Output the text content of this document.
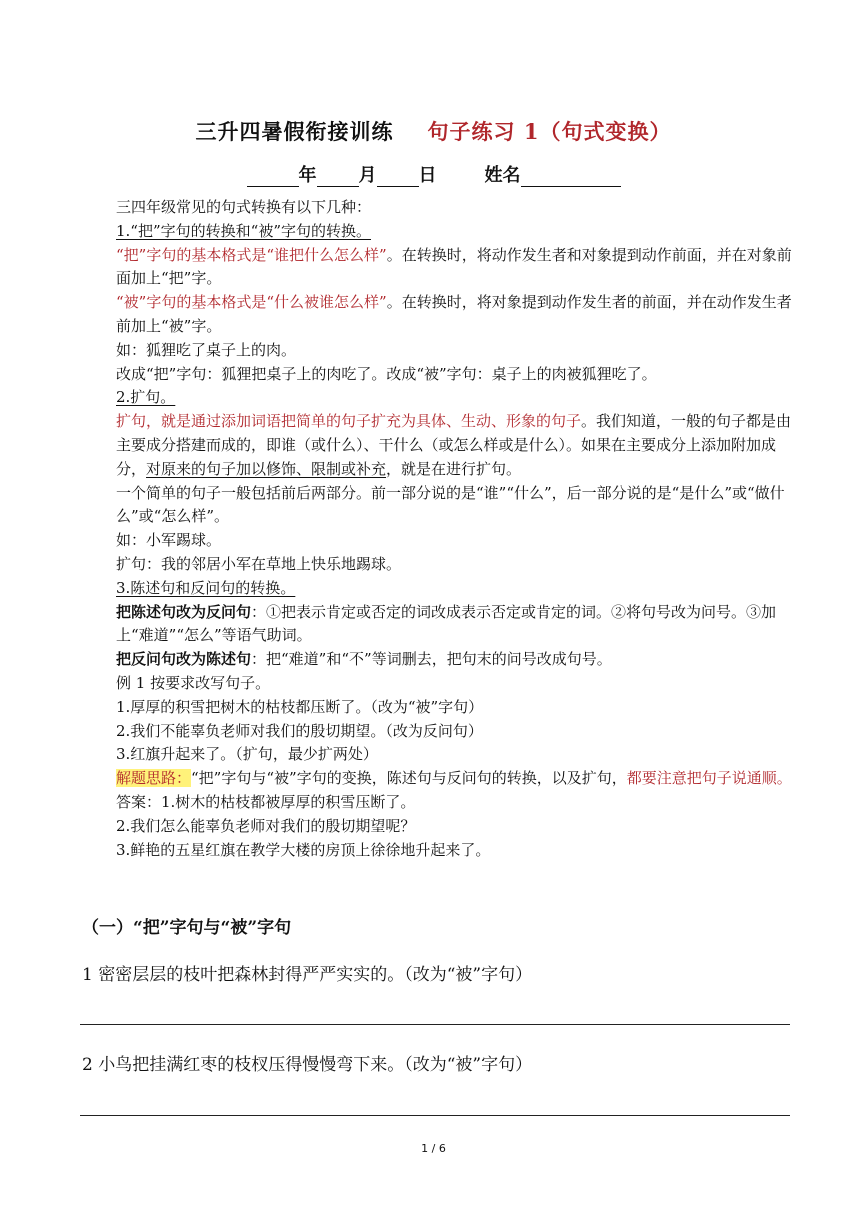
三升四暑假衔接训练 句子练习 1（句式变换）
年 月 日	姓名

三四年级常见的句式转换有以下几种：

1.“把”字句的转换和“被”字句的转换。

“把”字句的基本格式是“谁把什么怎么样”。在转换时，将动作发生者和对象提到动作前面，并在对象前面加上“把”字。

“被”字句的基本格式是“什么被谁怎么样”。在转换时，将对象提到动作发生者的前面，并在动作发生者前加上“被”字。

如：狐狸吃了桌子上的肉。

改成“把”字句：狐狸把桌子上的肉吃了。改成“被”字句：桌子上的肉被狐狸吃了。

2.扩句。

扩句，就是通过添加词语把简单的句子扩充为具体、生动、形象的句子。我们知道，一般的句子都是由主要成分搭建而成的，即谁（或什么）、干什么（或怎么样或是什么）。如果在主要成分上添加附加成分，对原来的句子加以修饰、限制或补充，就是在进行扩句。

一个简单的句子一般包括前后两部分。前一部分说的是“谁”“什么”，后一部分说的是“是什么”或“做什么”或“怎么样”。

如：小军踢球。

扩句：我的邻居小军在草地上快乐地踢球。

3.陈述句和反问句的转换。

把陈述句改为反问句：①把表示肯定或否定的词改成表示否定或肯定的词。②将句号改为问号。③加上“难道”“怎么”等语气助词。

把反问句改为陈述句：把“难道”和“不”等词删去，把句末的问号改成句号。

例 1 按要求改写句子。

1.厚厚的积雪把树木的枯枝都压断了。（改为“被”字句）

2.我们不能辜负老师对我们的殷切期望。（改为反问句）

3.红旗升起来了。（扩句，最少扩两处）

解题思路：“把”字句与“被”字句的变换，陈述句与反问句的转换，以及扩句，都要注意把句子说通顺。

答案：1.树木的枯枝都被厚厚的积雪压断了。

2.我们怎么能辜负老师对我们的殷切期望呢？

3.鲜艳的五星红旗在教学大楼的房顶上徐徐地升起来了。

（一）“把”字句与“被”字句
1 密密层层的枝叶把森林封得严严实实的。（改为“被”字句）
2 小鸟把挂满红枣的枝杈压得慢慢弯下来。（改为“被”字句）
1 / 6
